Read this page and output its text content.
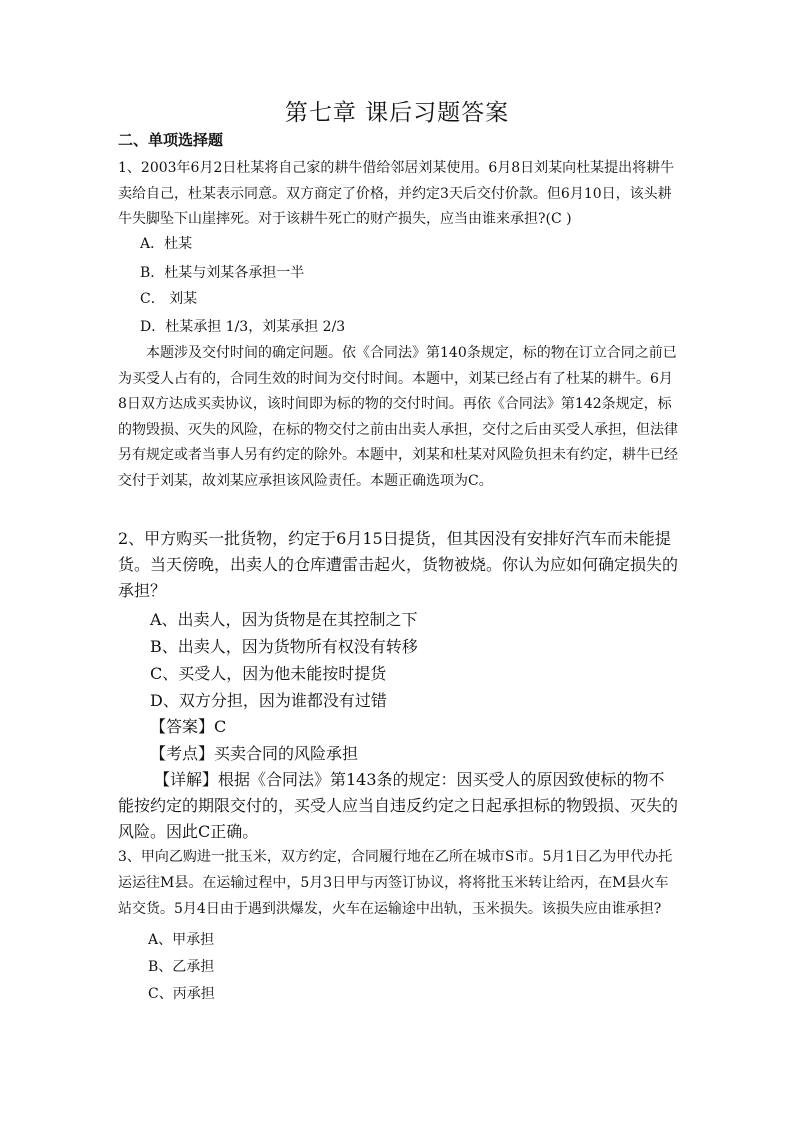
第七章 课后习题答案
二、单项选择题

1、2003年6月2日杜某将自己家的耕牛借给邻居刘某使用。6月8日刘某向杜某提出将耕牛卖给自己，杜某表示同意。双方商定了价格，并约定3天后交付价款。但6月10日，该头耕牛失脚坠下山崖摔死。对于该耕牛死亡的财产损失，应当由谁来承担?(C )

A．杜某
B．杜某与刘某各承担一半
C． 刘某
D．杜某承担 1/3，刘某承担 2/3

本题涉及交付时间的确定问题。依《合同法》第140条规定，标的物在订立合同之前已为买受人占有的，合同生效的时间为交付时间。本题中，刘某已经占有了杜某的耕牛。6月8日双方达成买卖协议，该时间即为标的物的交付时间。再依《合同法》第142条规定，标的物毁损、灭失的风险，在标的物交付之前由出卖人承担，交付之后由买受人承担，但法律另有规定或者当事人另有约定的除外。本题中，刘某和杜某对风险负担未有约定，耕牛已经交付于刘某，故刘某应承担该风险责任。本题正确选项为C。

2、甲方购买一批货物，约定于6月15日提货，但其因没有安排好汽车而未能提货。当天傍晚，出卖人的仓库遭雷击起火，货物被烧。你认为应如何确定损失的承担？

A、出卖人，因为货物是在其控制之下
B、出卖人，因为货物所有权没有转移
C、买受人，因为他未能按时提货
D、双方分担，因为谁都没有过错
【答案】C
【考点】买卖合同的风险承担

【详解】根据《合同法》第143条的规定：因买受人的原因致使标的物不能按约定的期限交付的，买受人应当自违反约定之日起承担标的物毁损、灭失的风险。因此C正确。

3、甲向乙购进一批玉米，双方约定，合同履行地在乙所在城市S市。5月1日乙为甲代办托运运往M县。在运输过程中，5月3日甲与丙签订协议，将将批玉米转让给丙，在M县火车站交货。5月4日由于遇到洪爆发，火车在运输途中出轨，玉米损失。该损失应由谁承担?

A、甲承担
B、乙承担
C、丙承担
